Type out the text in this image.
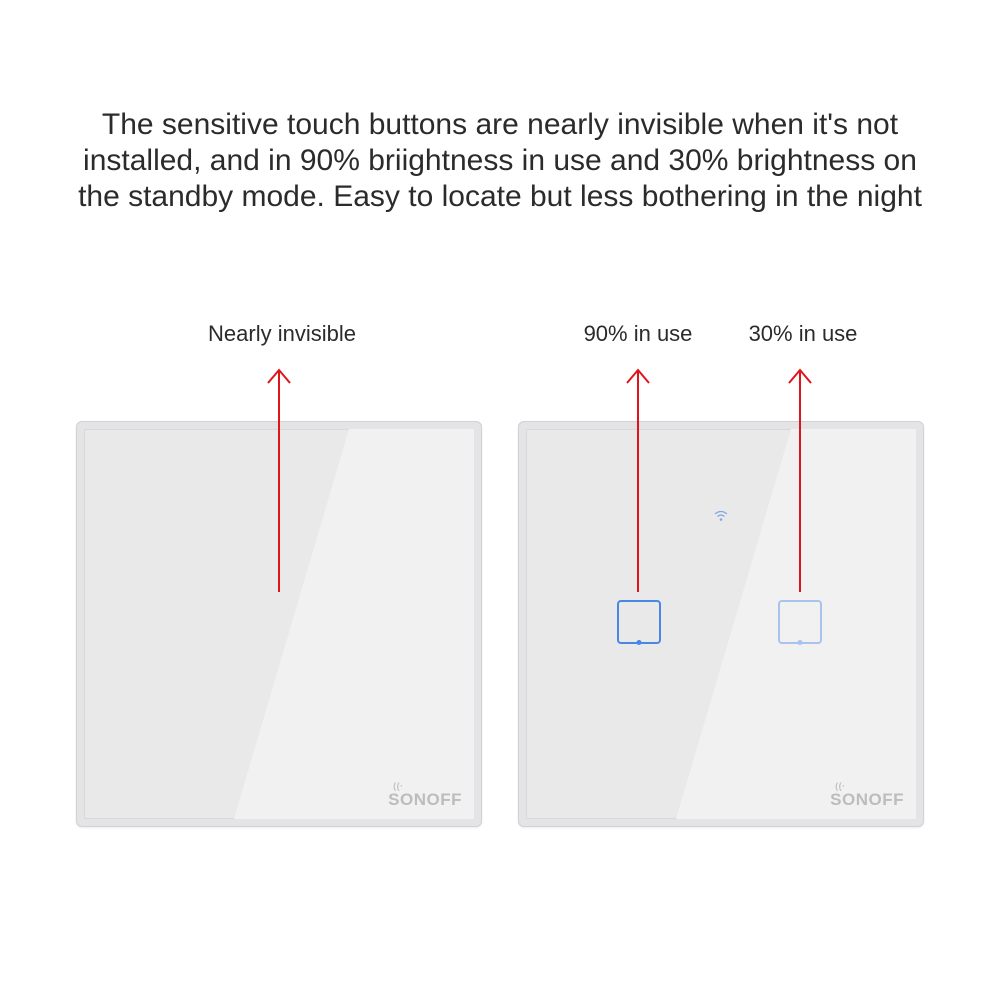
The sensitive touch buttons are nearly invisible when it's not
installed, and in 90% briightness in use and 30% brightness on
the standby mode. Easy to locate but less bothering in the night
Nearly invisible	90% in use	30% in use
((·
SONOFF
((·
SONOFF
